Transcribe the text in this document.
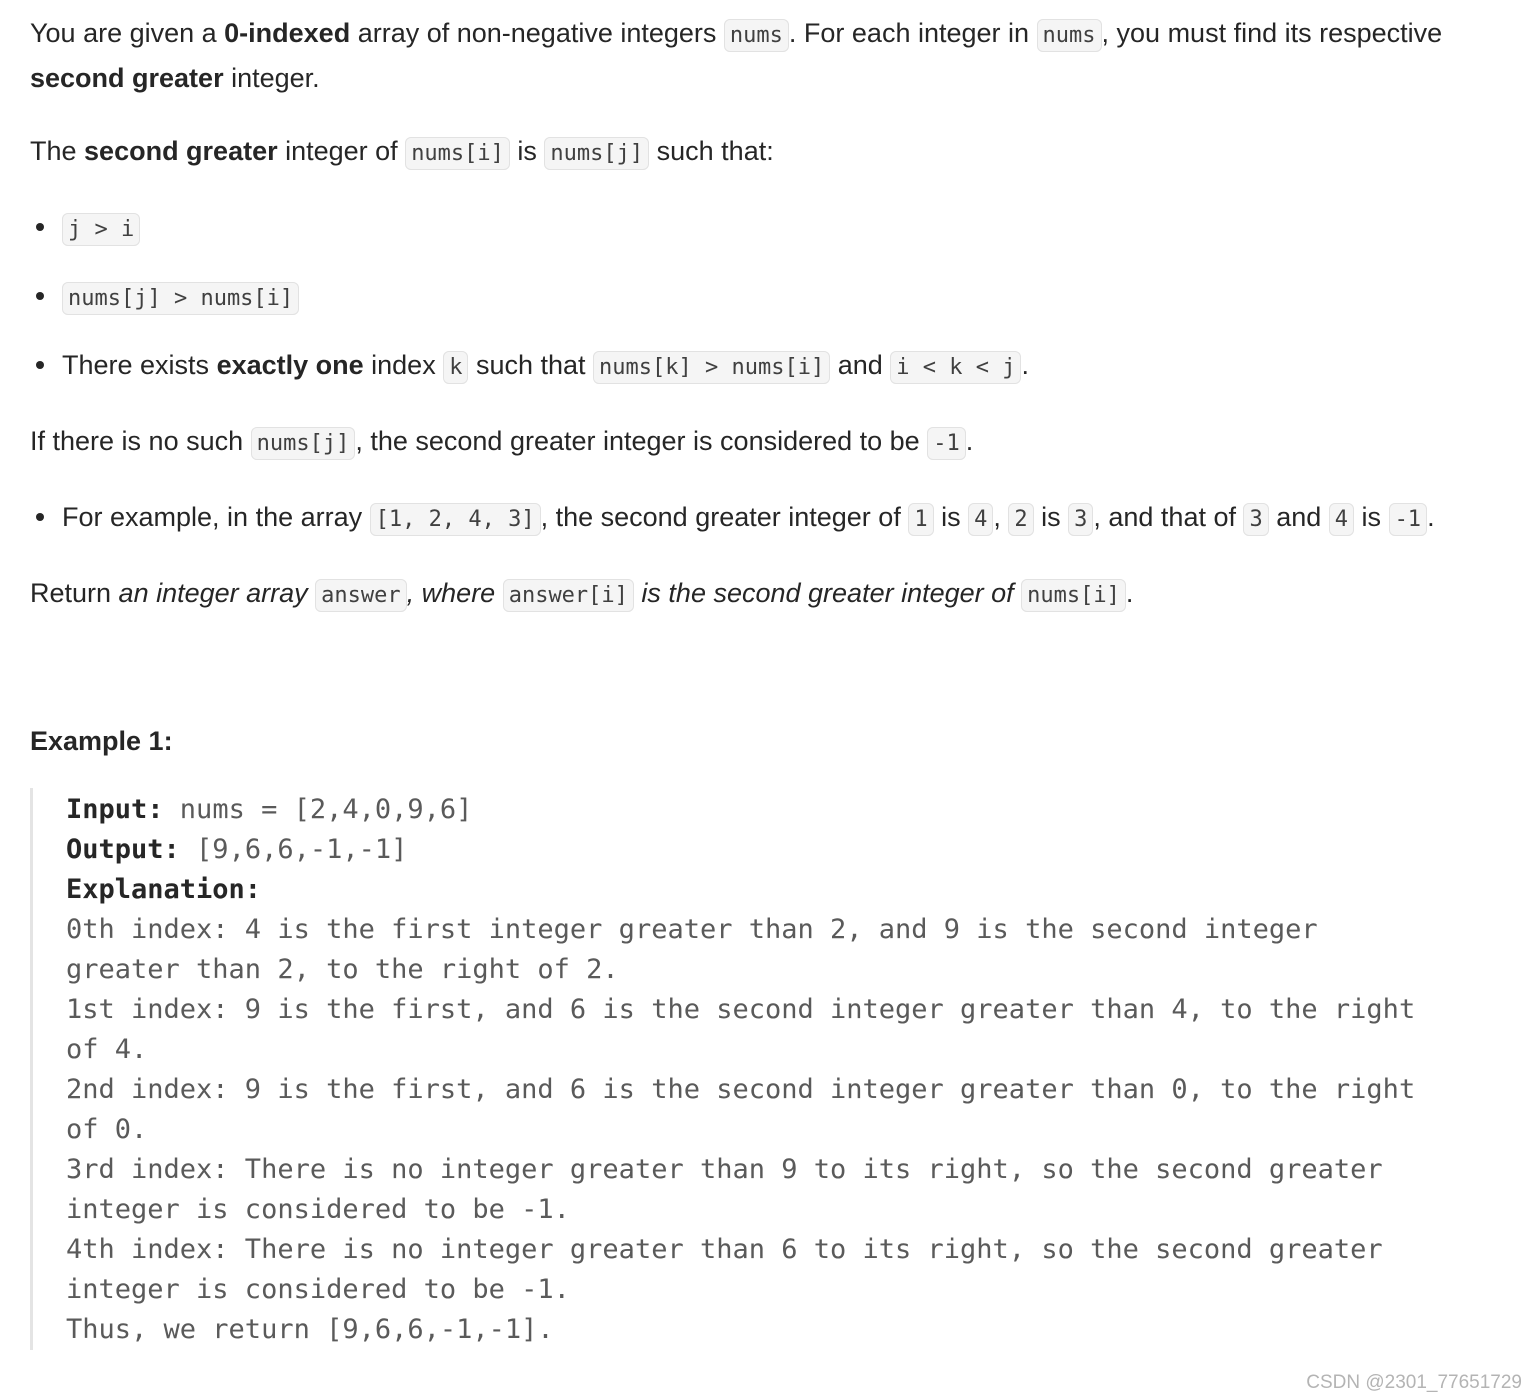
You are given a 0-indexed array of non-negative integers nums . For each integer in nums , you must find its respective second greater integer.

The second greater integer of nums[i] is nums[j] such that:

j > i
nums[j] > nums[i]
There exists exactly one index k such that nums[k] > nums[i] and i < k < j .

If there is no such nums[j] , the second greater integer is considered to be -1 .

For example, in the array [1, 2, 4, 3] , the second greater integer of 1 is 4 , 2 is 3 , and that of 3 and 4 is -1 .

Return an integer array answer , where answer[i] is the second greater integer of nums[i] .

Example 1:

Input: nums = [2,4,0,9,6]
Output: [9,6,6,-1,-1]
Explanation:
0th index: 4 is the first integer greater than 2, and 9 is the second integer
greater than 2, to the right of 2.
1st index: 9 is the first, and 6 is the second integer greater than 4, to the right
of 4.
2nd index: 9 is the first, and 6 is the second integer greater than 0, to the right
of 0.
3rd index: There is no integer greater than 9 to its right, so the second greater
integer is considered to be -1.
4th index: There is no integer greater than 6 to its right, so the second greater
integer is considered to be -1.
Thus, we return [9,6,6,-1,-1].
CSDN @2301_77651729
